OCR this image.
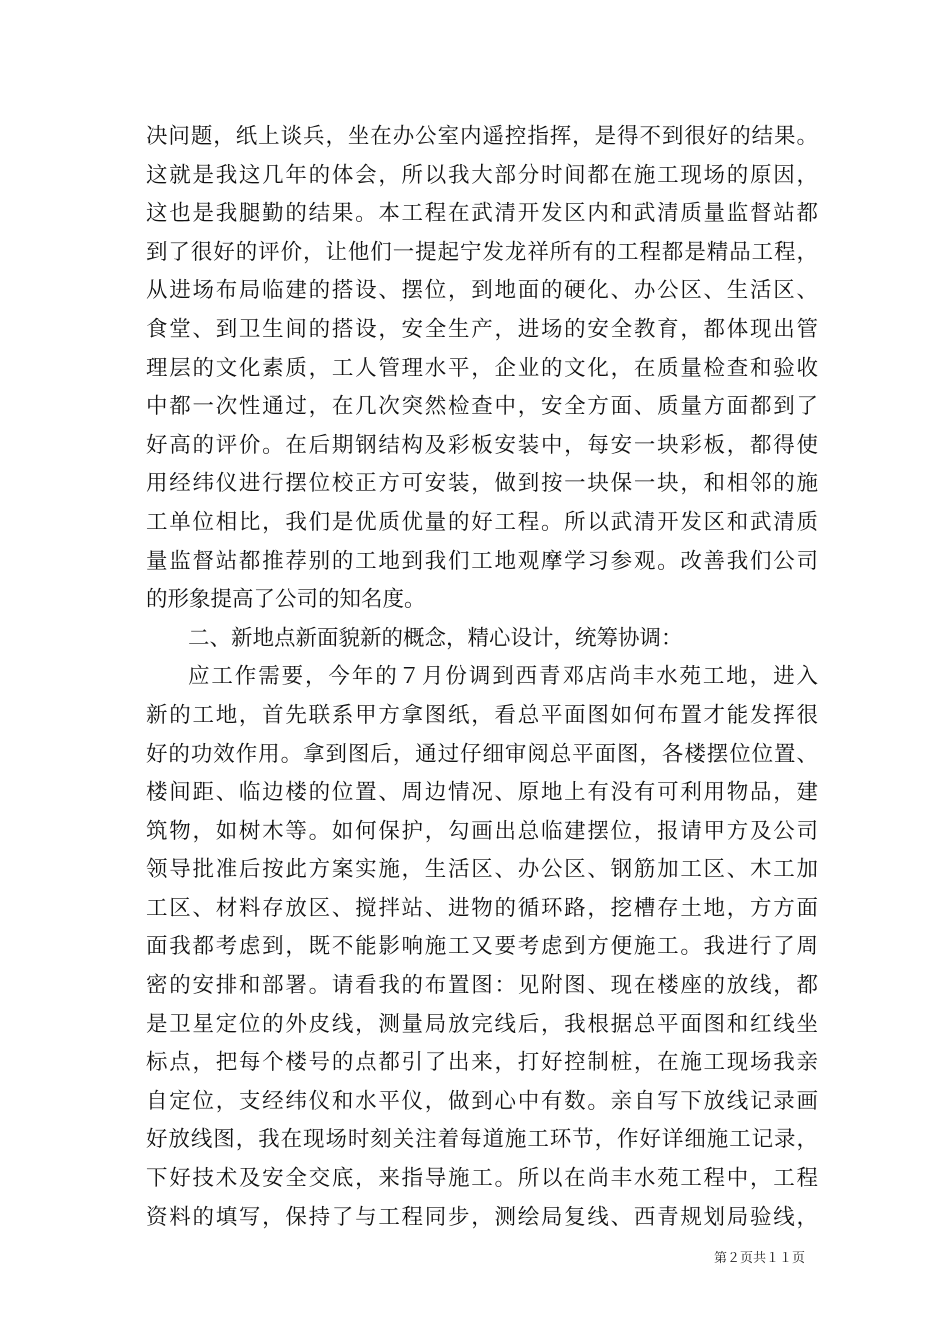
决问题，纸上谈兵，坐在办公室内遥控指挥，是得不到很好的结果。
这就是我这几年的体会，所以我大部分时间都在施工现场的原因，
这也是我腿勤的结果。本工程在武清开发区内和武清质量监督站都
到了很好的评价，让他们一提起宁发龙祥所有的工程都是精品工程，
从进场布局临建的搭设、摆位，到地面的硬化、办公区、生活区、
食堂、到卫生间的搭设，安全生产，进场的安全教育，都体现出管
理层的文化素质，工人管理水平，企业的文化，在质量检查和验收
中都一次性通过，在几次突然检查中，安全方面、质量方面都到了
好高的评价。在后期钢结构及彩板安装中，每安一块彩板，都得使
用经纬仪进行摆位校正方可安装，做到按一块保一块，和相邻的施
工单位相比，我们是优质优量的好工程。所以武清开发区和武清质
量监督站都推荐别的工地到我们工地观摩学习参观。改善我们公司
的形象提高了公司的知名度。
二、新地点新面貌新的概念，精心设计，统筹协调：
应工作需要，今年的７月份调到西青邓店尚丰水苑工地，进入
新的工地，首先联系甲方拿图纸，看总平面图如何布置才能发挥很
好的功效作用。拿到图后，通过仔细审阅总平面图，各楼摆位位置、
楼间距、临边楼的位置、周边情况、原地上有没有可利用物品，建
筑物，如树木等。如何保护，勾画出总临建摆位，报请甲方及公司
领导批准后按此方案实施，生活区、办公区、钢筋加工区、木工加
工区、材料存放区、搅拌站、进物的循环路，挖槽存土地，方方面
面我都考虑到，既不能影响施工又要考虑到方便施工。我进行了周
密的安排和部署。请看我的布置图：见附图、现在楼座的放线，都
是卫星定位的外皮线，测量局放完线后，我根据总平面图和红线坐
标点，把每个楼号的点都引了出来，打好控制桩，在施工现场我亲
自定位，支经纬仪和水平仪，做到心中有数。亲自写下放线记录画
好放线图，我在现场时刻关注着每道施工环节，作好详细施工记录，
下好技术及安全交底，来指导施工。所以在尚丰水苑工程中，工程
资料的填写，保持了与工程同步，测绘局复线、西青规划局验线，
第２页共１１页
